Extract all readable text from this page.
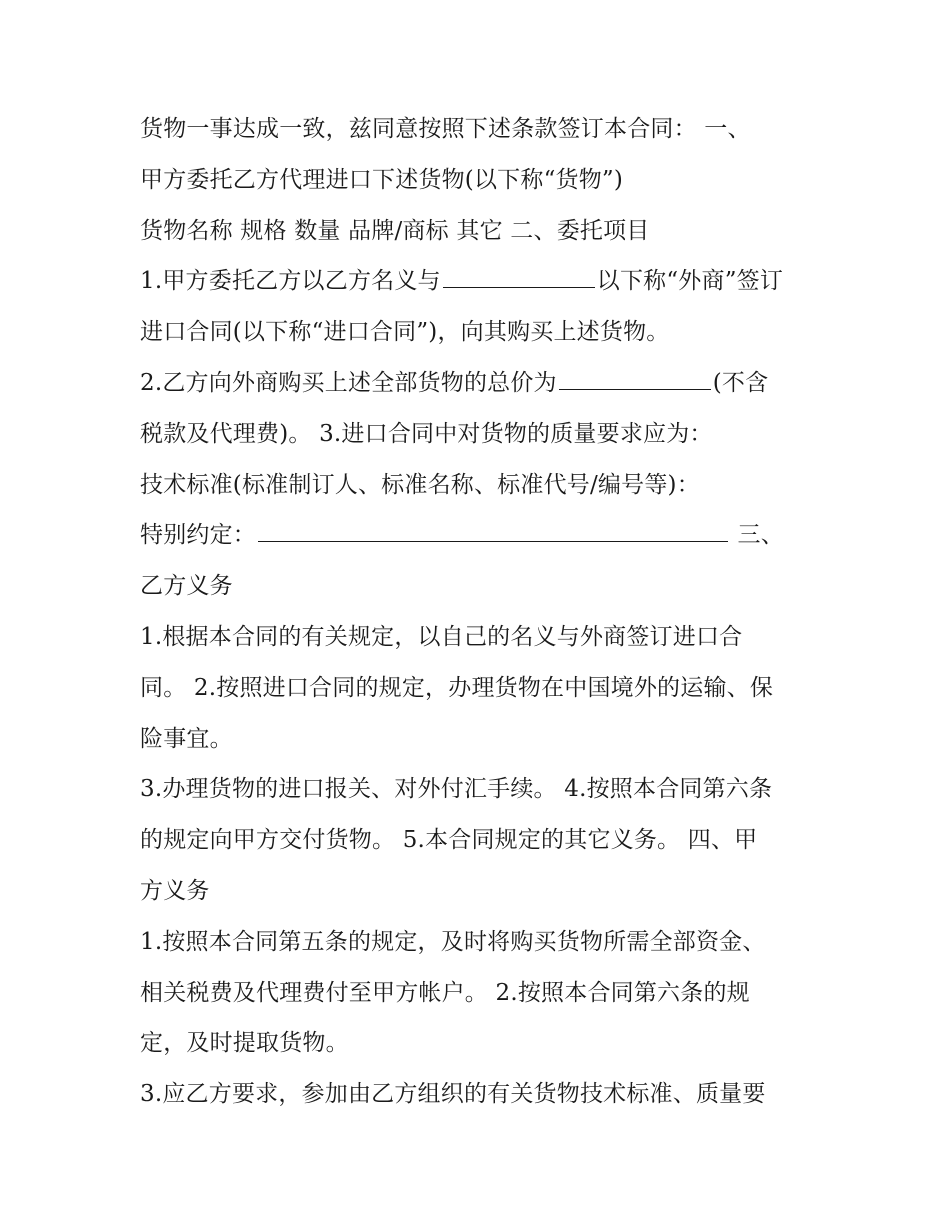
货物一事达成一致，兹同意按照下述条款签订本合同： 一、
甲方委托乙方代理进口下述货物(以下称“货物”)
货物名称 规格 数量 品牌/商标 其它 二、委托项目
1.甲方委托乙方以乙方名义与	以下称“外商”签订
进口合同(以下称“进口合同”)，向其购买上述货物。
2.乙方向外商购买上述全部货物的总价为	(不含
税款及代理费)。 3.进口合同中对货物的质量要求应为：
技术标准(标准制订人、标准名称、标准代号/编号等)：
特别约定：	三、
乙方义务
1.根据本合同的有关规定，以自己的名义与外商签订进口合
同。 2.按照进口合同的规定，办理货物在中国境外的运输、保
险事宜。
3.办理货物的进口报关、对外付汇手续。 4.按照本合同第六条
的规定向甲方交付货物。 5.本合同规定的其它义务。 四、甲
方义务
1.按照本合同第五条的规定，及时将购买货物所需全部资金、
相关税费及代理费付至甲方帐户。 2.按照本合同第六条的规
定，及时提取货物。
3.应乙方要求，参加由乙方组织的有关货物技术标准、质量要
